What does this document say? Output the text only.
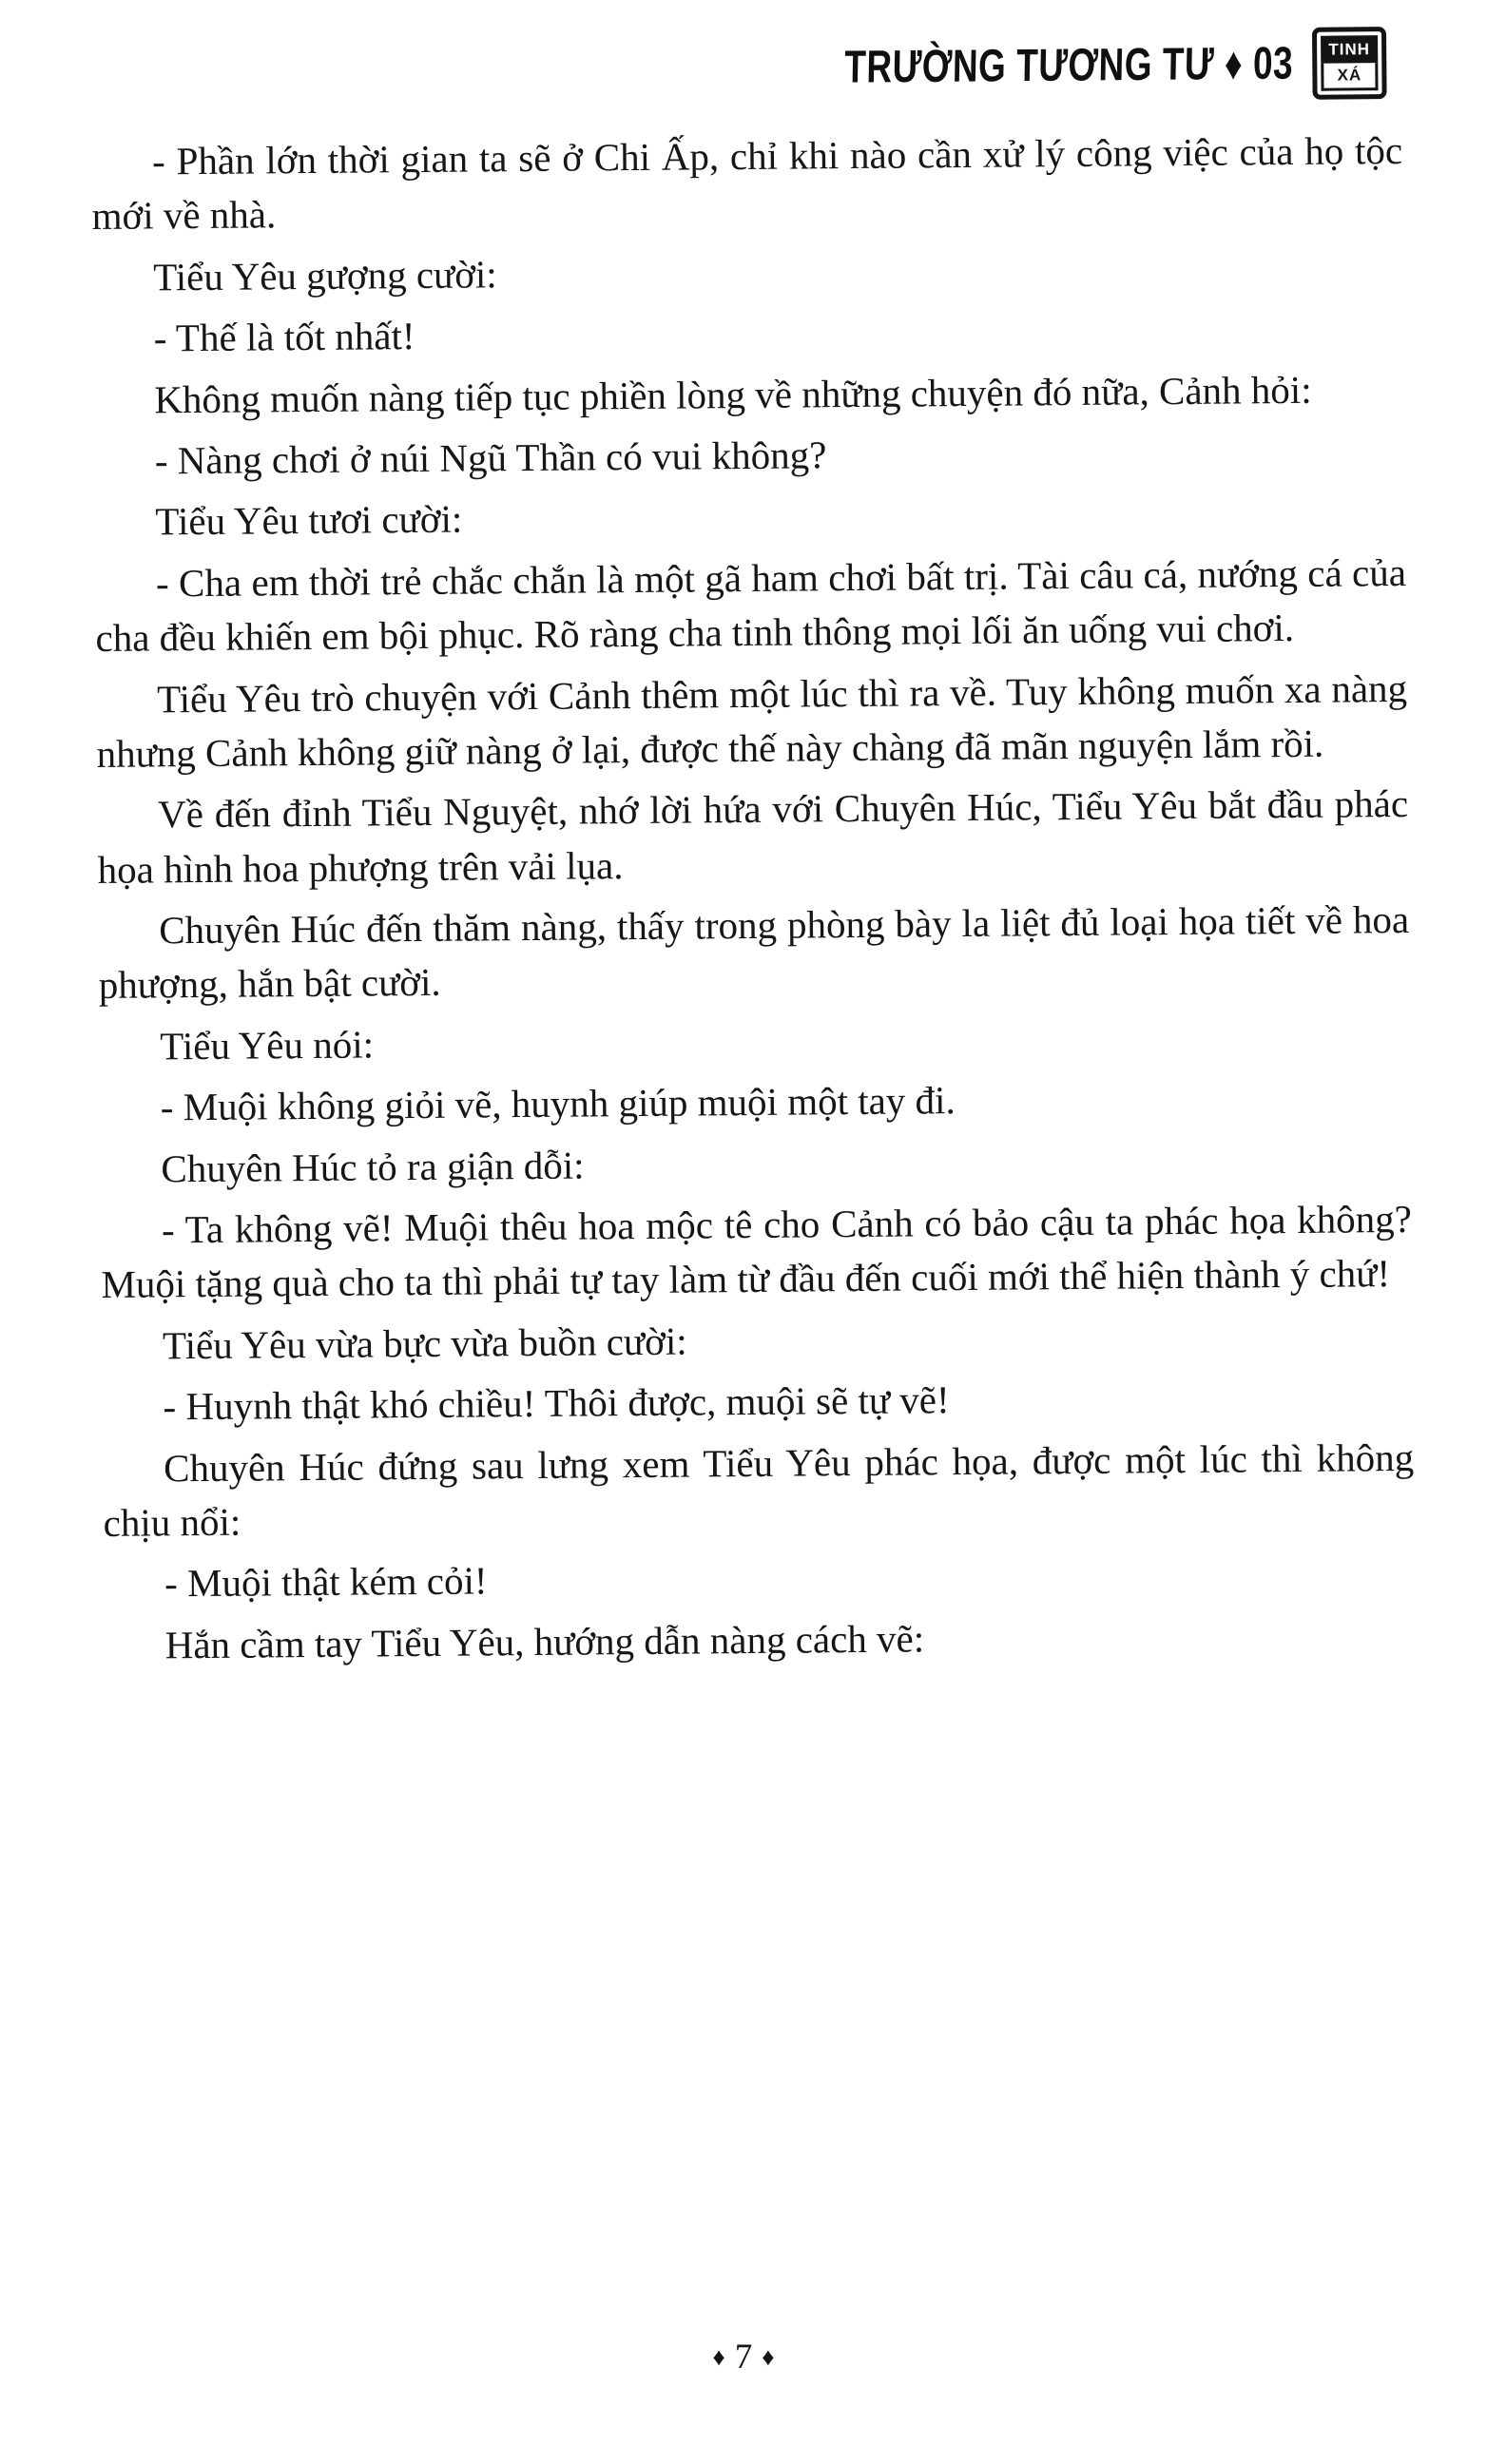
TRƯỜNG TƯƠNG TƯ ♦ 03	TINH
XÁ

- Phần lớn thời gian ta sẽ ở Chi Ấp, chỉ khi nào cần xử lý công việc của họ tộc mới về nhà.

Tiểu Yêu gượng cười:

- Thế là tốt nhất!

Không muốn nàng tiếp tục phiền lòng về những chuyện đó nữa, Cảnh hỏi:

- Nàng chơi ở núi Ngũ Thần có vui không?

Tiểu Yêu tươi cười:

- Cha em thời trẻ chắc chắn là một gã ham chơi bất trị. Tài câu cá, nướng cá của cha đều khiến em bội phục. Rõ ràng cha tinh thông mọi lối ăn uống vui chơi.

Tiểu Yêu trò chuyện với Cảnh thêm một lúc thì ra về. Tuy không muốn xa nàng nhưng Cảnh không giữ nàng ở lại, được thế này chàng đã mãn nguyện lắm rồi.

Về đến đỉnh Tiểu Nguyệt, nhớ lời hứa với Chuyên Húc, Tiểu Yêu bắt đầu phác họa hình hoa phượng trên vải lụa.

Chuyên Húc đến thăm nàng, thấy trong phòng bày la liệt đủ loại họa tiết về hoa phượng, hắn bật cười.

Tiểu Yêu nói:

- Muội không giỏi vẽ, huynh giúp muội một tay đi.

Chuyên Húc tỏ ra giận dỗi:

- Ta không vẽ! Muội thêu hoa mộc tê cho Cảnh có bảo cậu ta phác họa không? Muội tặng quà cho ta thì phải tự tay làm từ đầu đến cuối mới thể hiện thành ý chứ!

Tiểu Yêu vừa bực vừa buồn cười:

- Huynh thật khó chiều! Thôi được, muội sẽ tự vẽ!

Chuyên Húc đứng sau lưng xem Tiểu Yêu phác họa, được một lúc thì không chịu nổi:

- Muội thật kém cỏi!

Hắn cầm tay Tiểu Yêu, hướng dẫn nàng cách vẽ:

♦ 7 ♦
